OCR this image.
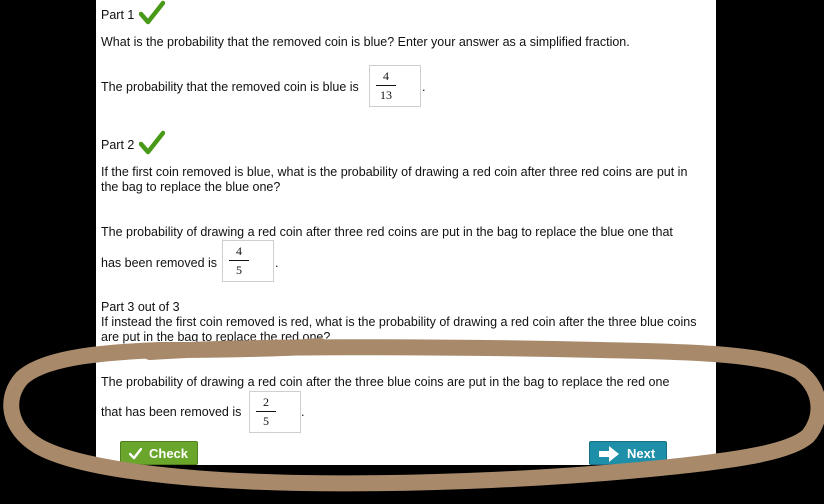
Part 1
What is the probability that the removed coin is blue? Enter your answer as a simplified fraction.
The probability that the removed coin is blue is
4
13
.
Part 2
If the first coin removed is blue, what is the probability of drawing a red coin after three red coins are put in the bag to replace the blue one?
The probability of drawing a red coin after three red coins are put in the bag to replace the blue one that
has been removed is
4
5	.
Part 3 out of 3
If instead the first coin removed is red, what is the probability of drawing a red coin after the three blue coins are put in the bag to replace the red one?
The probability of drawing a red coin after the three blue coins are put in the bag to replace the red one
that has been removed is
2
5
.
Check	Next
